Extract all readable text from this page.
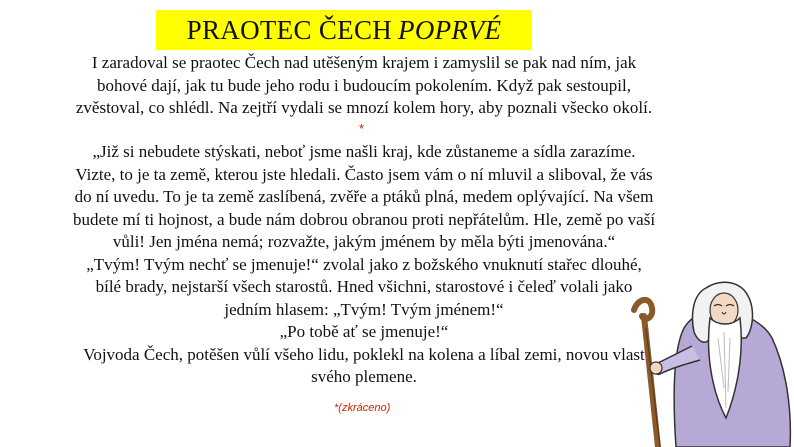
PRAOTEC ČECH POPRVÉ
I zaradoval se praotec Čech nad utěšeným krajem i zamyslil se pak nad ním, jak
bohové dají, jak tu bude jeho rodu i budoucím pokolením. Když pak sestoupil,
zvěstoval, co shlédl. Na zejtří vydali se mnozí kolem hory, aby poznali všecko okolí.
*
„Již si nebudete stýskati, neboť jsme našli kraj, kde zůstaneme a sídla zarazíme.
Vizte, to je ta země, kterou jste hledali. Často jsem vám o ní mluvil a sliboval, že vás
do ní uvedu. To je ta země zaslíbená, zvěře a ptáků plná, medem oplývající. Na všem
budete mí ti hojnost, a bude nám dobrou obranou proti nepřátelům. Hle, země po vaší
vůli! Jen jména nemá; rozvažte, jakým jménem by měla býti jmenována.“
„Tvým! Tvým nechť se jmenuje!“ zvolal jako z božského vnuknutí stařec dlouhé,
bílé brady, nejstarší všech starostů. Hned všichni, starostové i čeleď volali jako
jedním hlasem: „Tvým! Tvým jménem!“
„Po tobě ať se jmenuje!“
Vojvoda Čech, potěšen vůlí všeho lidu, poklekl na kolena a líbal zemi, novou vlast
svého plemene.
*(zkráceno)
